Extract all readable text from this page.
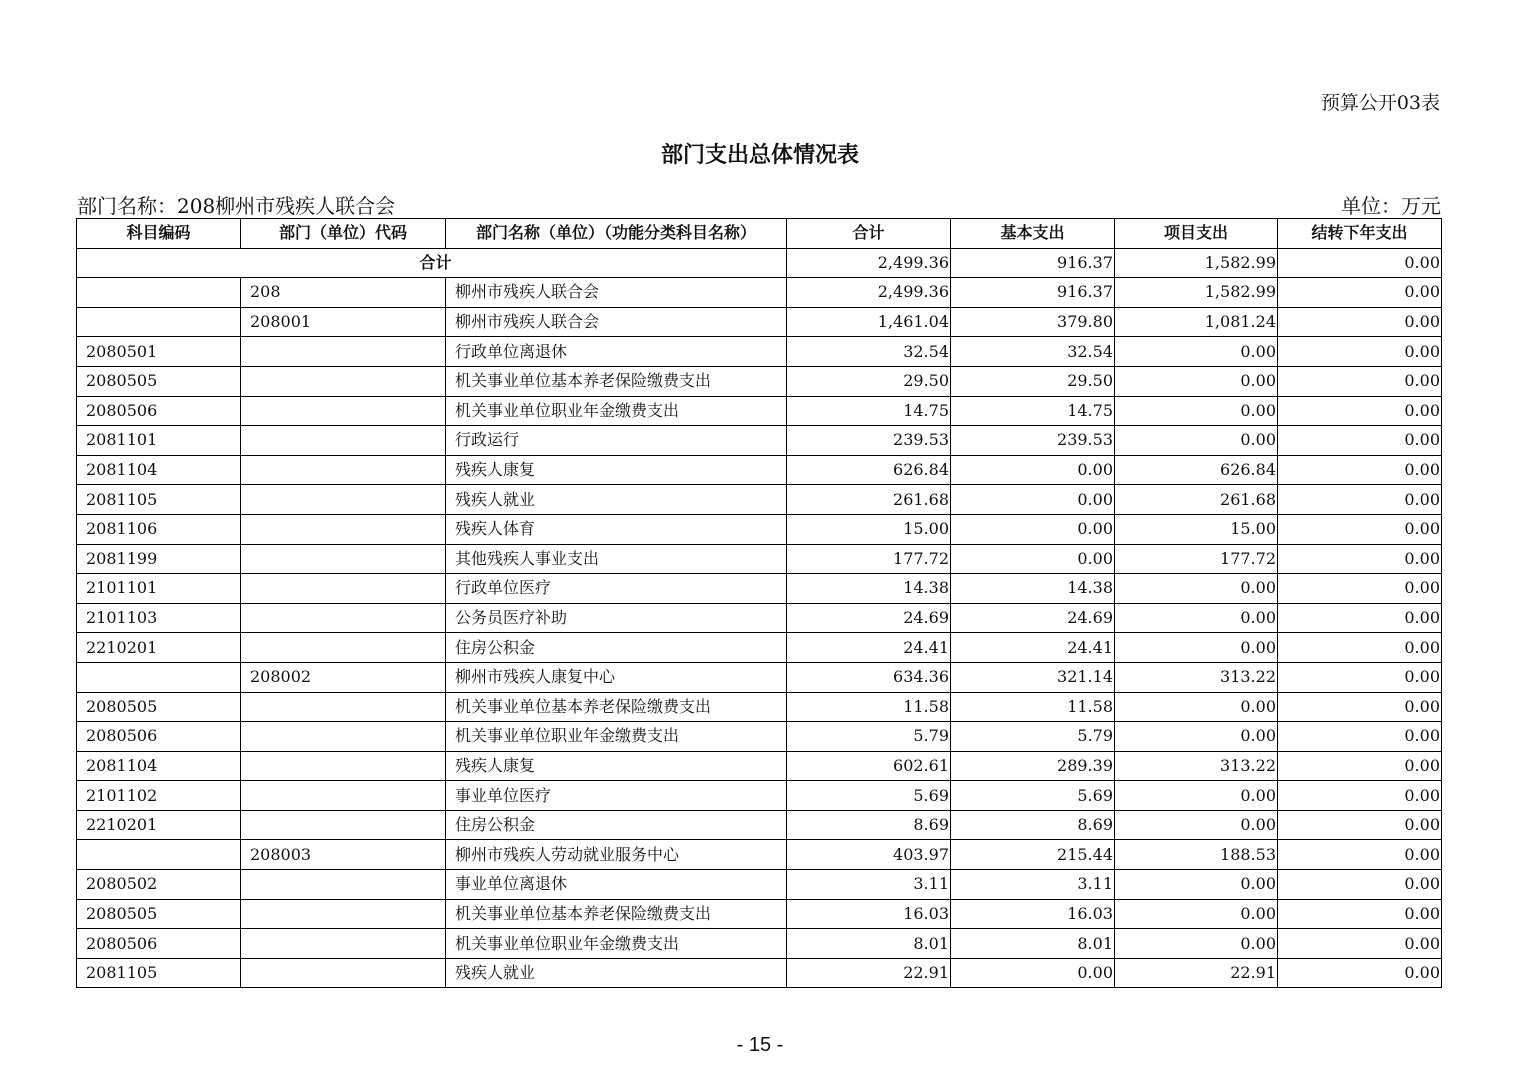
预算公开03表
部门支出总体情况表
部门名称：208柳州市残疾人联合会	单位：万元
科目编码	部门（单位）代码	部门名称（单位）（功能分类科目名称）	合计	基本支出	项目支出	结转下年支出
合计			2,499.36	916.37	1,582.99	0.00
	208	柳州市残疾人联合会	2,499.36	916.37	1,582.99	0.00
	208001	柳州市残疾人联合会	1,461.04	379.80	1,081.24	0.00
2080501		行政单位离退休	32.54	32.54	0.00	0.00
2080505		机关事业单位基本养老保险缴费支出	29.50	29.50	0.00	0.00
2080506		机关事业单位职业年金缴费支出	14.75	14.75	0.00	0.00
2081101		行政运行	239.53	239.53	0.00	0.00
2081104		残疾人康复	626.84	0.00	626.84	0.00
2081105		残疾人就业	261.68	0.00	261.68	0.00
2081106		残疾人体育	15.00	0.00	15.00	0.00
2081199		其他残疾人事业支出	177.72	0.00	177.72	0.00
2101101		行政单位医疗	14.38	14.38	0.00	0.00
2101103		公务员医疗补助	24.69	24.69	0.00	0.00
2210201		住房公积金	24.41	24.41	0.00	0.00
	208002	柳州市残疾人康复中心	634.36	321.14	313.22	0.00
2080505		机关事业单位基本养老保险缴费支出	11.58	11.58	0.00	0.00
2080506		机关事业单位职业年金缴费支出	5.79	5.79	0.00	0.00
2081104		残疾人康复	602.61	289.39	313.22	0.00
2101102		事业单位医疗	5.69	5.69	0.00	0.00
2210201		住房公积金	8.69	8.69	0.00	0.00
	208003	柳州市残疾人劳动就业服务中心	403.97	215.44	188.53	0.00
2080502		事业单位离退休	3.11	3.11	0.00	0.00
2080505		机关事业单位基本养老保险缴费支出	16.03	16.03	0.00	0.00
2080506		机关事业单位职业年金缴费支出	8.01	8.01	0.00	0.00
2081105		残疾人就业	22.91	0.00	22.91	0.00
- 15 -
